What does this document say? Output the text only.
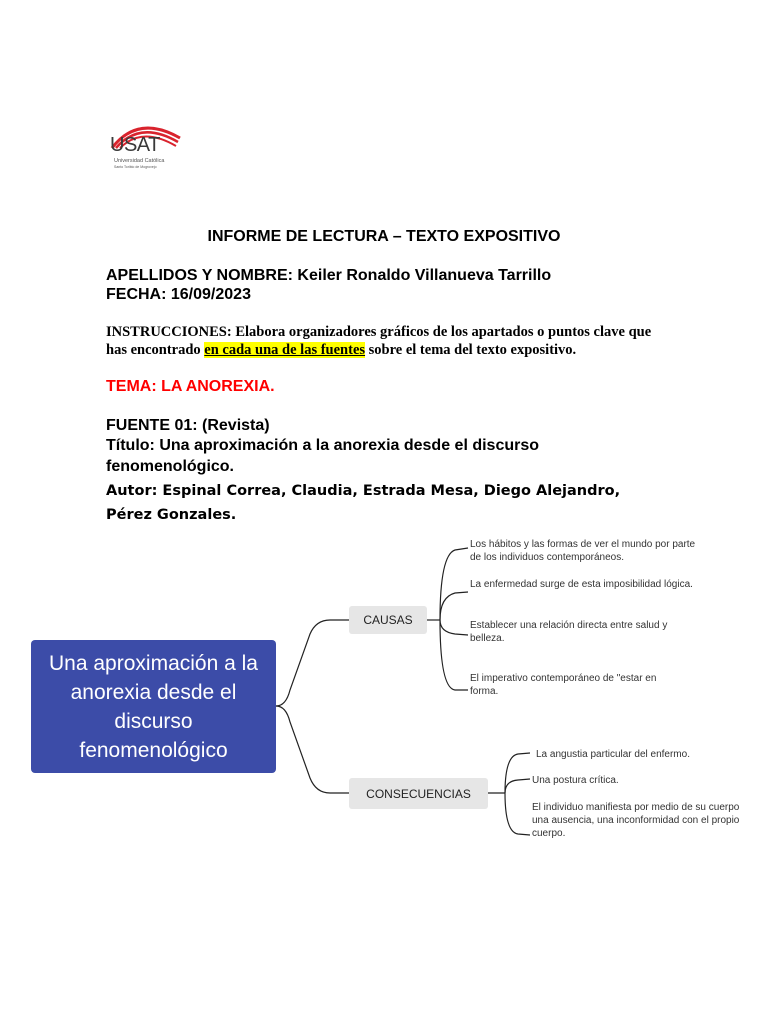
USAT
Universidad Católica
Santo Toribio de Mogrovejo
INFORME DE LECTURA – TEXTO EXPOSITIVO
APELLIDOS Y NOMBRE: Keiler Ronaldo Villanueva Tarrillo
FECHA: 16/09/2023
INSTRUCCIONES: Elabora organizadores gráficos de los apartados o puntos clave que has encontrado en cada una de las fuentes sobre el tema del texto expositivo.
TEMA: LA ANOREXIA.
FUENTE 01: (Revista)
Título: Una aproximación a la anorexia desde el discurso fenomenológico.
Autor: Espinal Correa, Claudia, Estrada Mesa, Diego Alejandro, Pérez Gonzales.
Una aproximación a la anorexia desde el discurso fenomenológico
CAUSAS
CONSECUENCIAS
Los hábitos y las formas de ver el mundo por parte de los individuos contemporáneos.
La enfermedad surge de esta imposibilidad lógica.
Establecer una relación directa entre salud y belleza.
El imperativo contemporáneo de "estar en forma.
La angustia particular del enfermo.
Una postura crítica.
El individuo manifiesta por medio de su cuerpo una ausencia, una inconformidad con el propio cuerpo.
